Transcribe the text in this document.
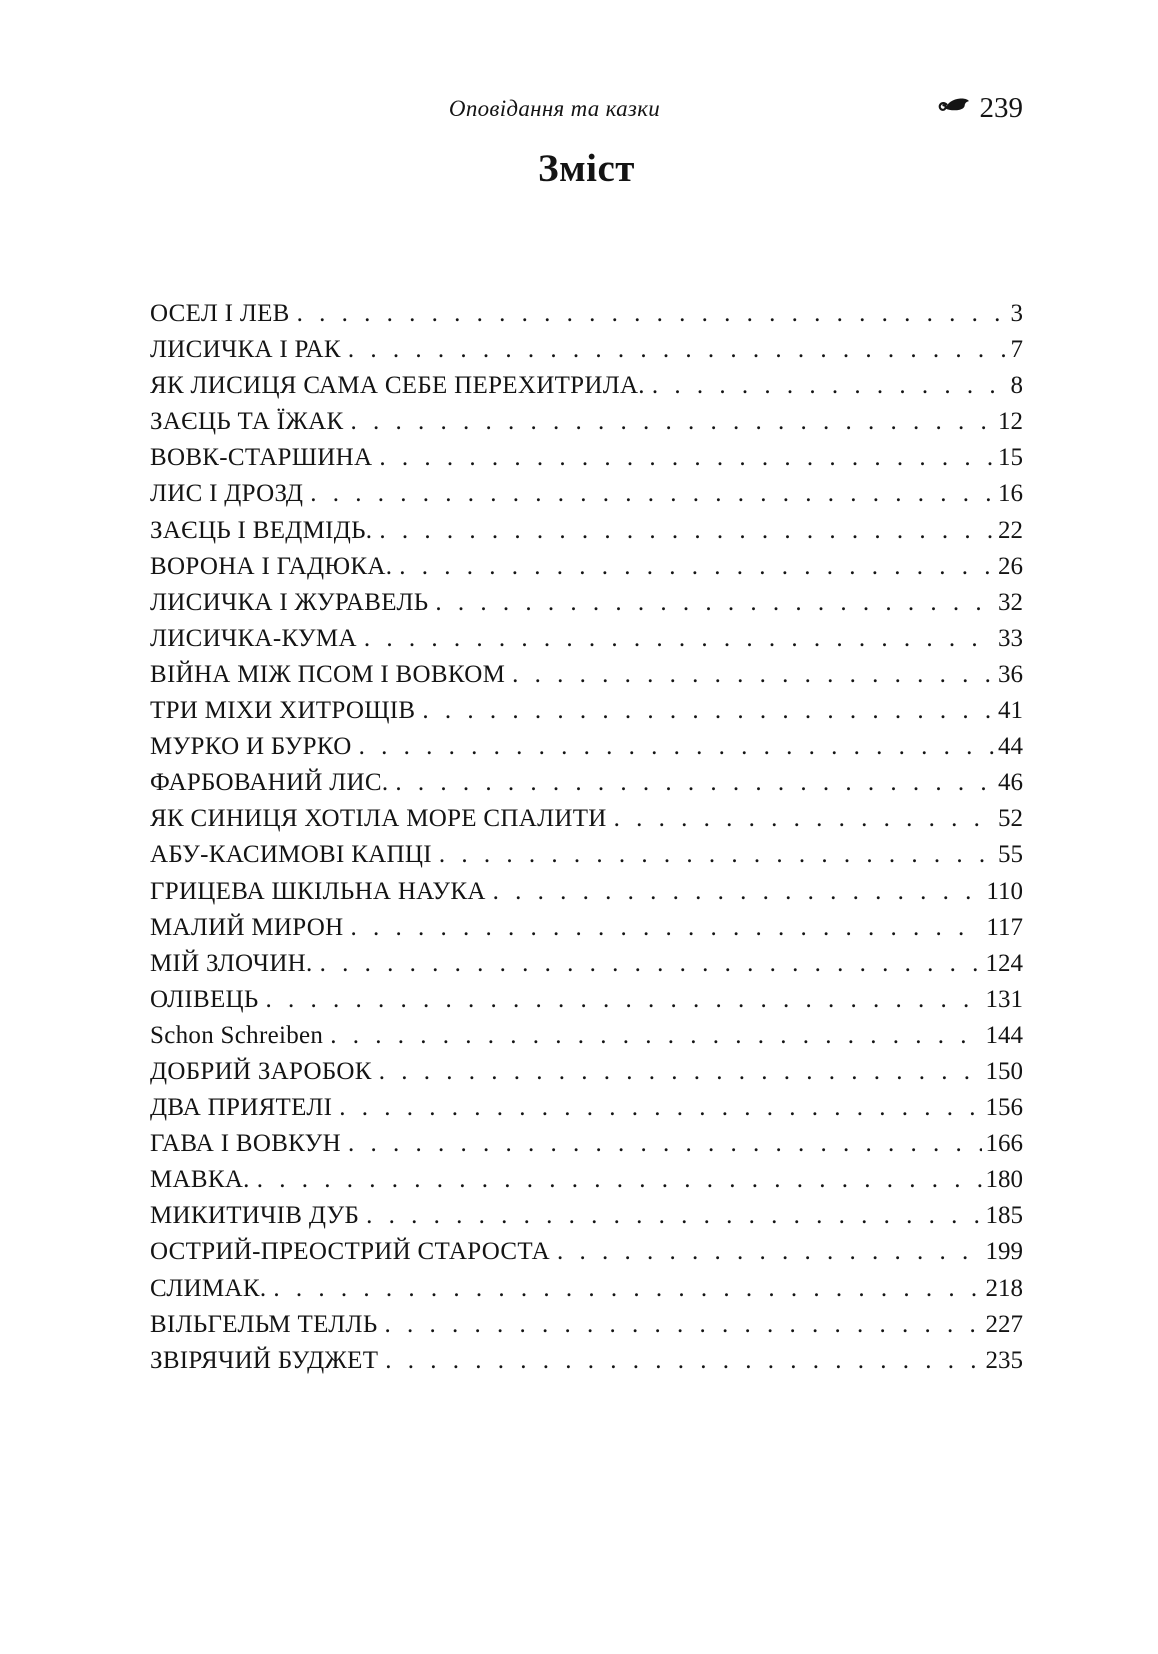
Оповідання та казки	239
Зміст
ОСЕЛ І ЛЕВ . . .	3
ЛИСИЧКА І РАК . . .	7
ЯК ЛИСИЦЯ САМА СЕБЕ ПЕРЕХИТРИЛА. . . .	8
ЗАЄЦЬ ТА ЇЖАК . . .	12
ВОВК-СТАРШИНА . . .	15
ЛИС І ДРОЗД . . .	16
ЗАЄЦЬ І ВЕДМІДЬ. . . .	22
ВОРОНА І ГАДЮКА. . . .	26
ЛИСИЧКА І ЖУРАВЕЛЬ . . .	32
ЛИСИЧКА-КУМА . . .	33
ВІЙНА МІЖ ПСОМ І ВОВКОМ . . .	36
ТРИ МІХИ ХИТРОЩІВ . . .	41
МУРКО И БУРКО . . .	44
ФАРБОВАНИЙ ЛИС. . . .	46
ЯК СИНИЦЯ ХОТІЛА МОРЕ СПАЛИТИ . . .	52
АБУ-КАСИМОВІ КАПЦІ . . .	55
ГРИЦЕВА ШКІЛЬНА НАУКА . . .	110
МАЛИЙ МИРОН . . .	117
МІЙ ЗЛОЧИН. . . .	124
ОЛІВЕЦЬ . . .	131
Schon Schreiben . . .	144
ДОБРИЙ ЗАРОБОК . . .	150
ДВА ПРИЯТЕЛІ . . .	156
ГАВА І ВОВКУН . . .	166
МАВКА. . . .	180
МИКИТИЧІВ ДУБ . . .	185
ОСТРИЙ-ПРЕОСТРИЙ СТАРОСТА . . .	199
СЛИМАК. . . .	218
ВІЛЬГЕЛЬМ ТЕЛЛЬ . . .	227
ЗВІРЯЧИЙ БУДЖЕТ . . .	235
